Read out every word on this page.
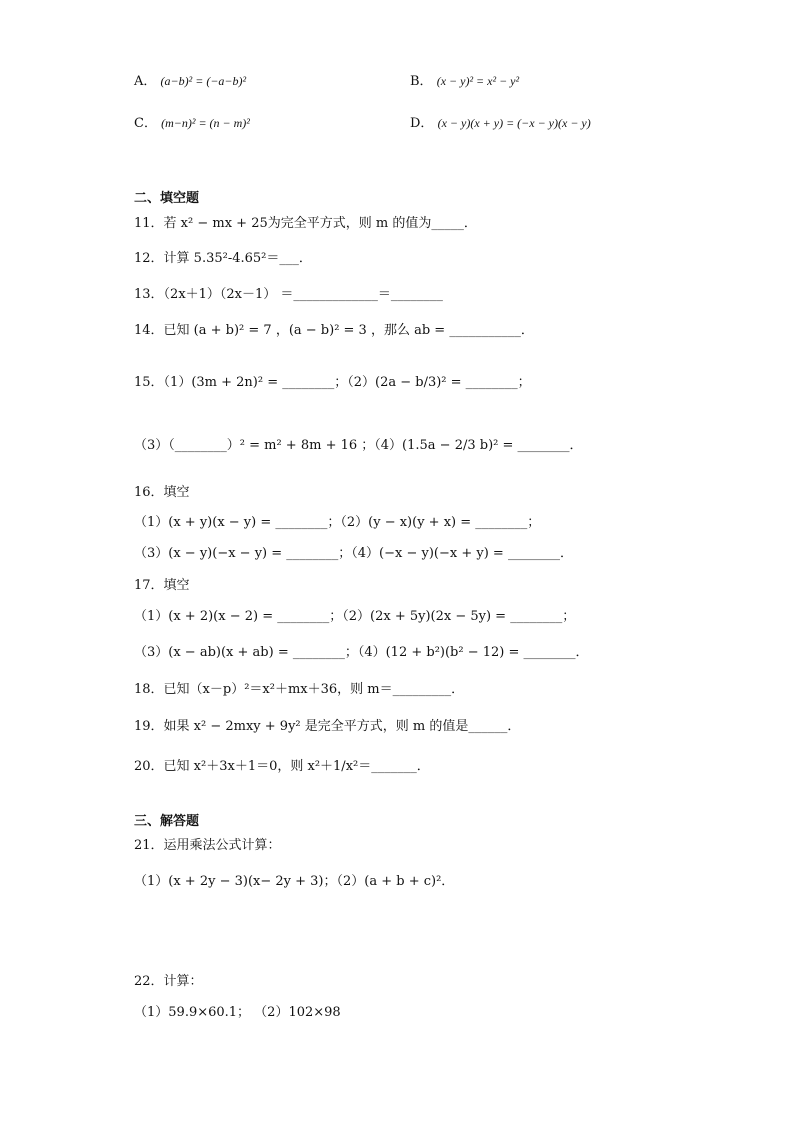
A． (a−b)² = (−a−b)²	B． (x − y)² = x² − y²
C． (m−n)² = (n − m)²	D． (x − y)(x + y) = (−x − y)(x − y)
二、填空题
11．若 x² − mx + 25为完全平方式，则 m 的值为_____．
12．计算 5.35²-4.65²＝___．
13．（2x＋1）（2x－1） ＝_____________＝________
14．已知 (a + b)² = 7 ，(a − b)² = 3 ，那么 ab = ___________．
15．（1）(3m + 2n)² = ________；（2）(2a − b/3)² = ________；
（3）（________）² = m² + 8m + 16 ；（4）(1.5a − 2/3 b)² = ________．
16．填空
（1）(x + y)(x − y) = ________；（2）(y − x)(y + x) = ________；
（3）(x − y)(−x − y) = ________；（4）(−x − y)(−x + y) = ________．
17．填空
（1）(x + 2)(x − 2) = ________；（2）(2x + 5y)(2x − 5y) = ________；
（3）(x − ab)(x + ab) = ________；（4）(12 + b²)(b² − 12) = ________．
18．已知（x－p）²＝x²＋mx＋36，则 m＝_________．
19．如果 x² − 2mxy + 9y² 是完全平方式，则 m 的值是______．
20．已知 x²＋3x＋1＝0，则 x²＋1/x²＝_______．
三、解答题
21．运用乘法公式计算：
（1）(x + 2y − 3)(x− 2y + 3)；（2）(a + b + c)²．
22．计算：
（1）59.9×60.1； （2）102×98
